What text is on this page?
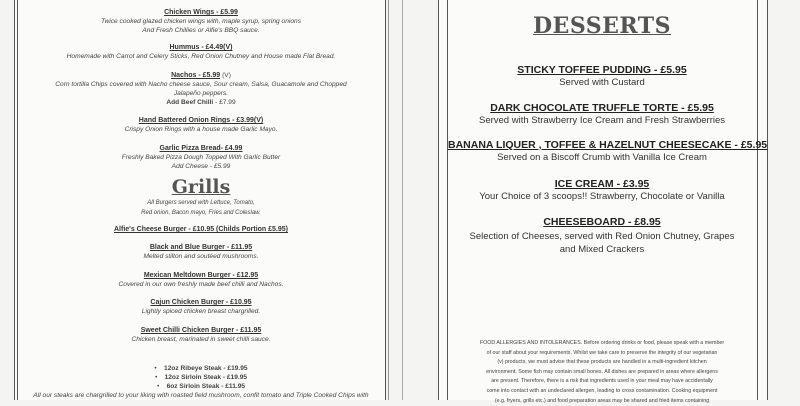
Chicken Wings - £5.99
Twice cooked glazed chicken wings with, maple syrup, spring onions
And Fresh Chillies or Alfie's BBQ sauce.
Hummus - £4.49(V)
Homemade with Carrot and Celery Sticks, Red Onion Chutney and House made Flat Bread.
Nachos - £5.99 (V)
Corn tortilla Chips covered with Nacho cheese sauce, Sour cream, Salsa, Guacamole and Chopped
Jalapeño peppers.
Add Beef Chilli - £7.99
Hand Battered Onion Rings - £3.99(V)
Crispy Onion Rings with a house made Garlic Mayo.
Garlic Pizza Bread- £4.99
Freshly Baked Pizza Dough Topped With Garlic Butter
Add Cheese - £5.99
Grills
All Burgers served with Lettuce, Tomato,
Red onion, Bacon mayo, Fries and Coleslaw.
Alfie's Cheese Burger - £10.95 (Childs Portion £5.95)
Black and Blue Burger - £11.95
Melted stilton and soutéed mushrooms.
Mexican Meltdown Burger - £12.95
Covered in our own freshly made beef chilli and Nachos.
Cajun Chicken Burger - £10.95
Lightly spiced chicken breast chargrilled.
Sweet Chilli Chicken Burger - £11.95
Chicken breast, marinated in sweet chilli sauce.
•    12oz Ribeye Steak - £19.95
•    12oz Sirloin Steak - £19.95
•    6oz Sirloin Steak - £11.95
All our steaks are chargrilled to your liking with roasted field mushroom, confit tomato and Triple Cooked Chips with
DESSERTS
STICKY TOFFEE PUDDING - £5.95
Served with Custard
DARK CHOCOLATE TRUFFLE TORTE - £5.95
Served with Strawberry Ice Cream and Fresh Strawberries
BANANA LIQUER , TOFFEE & HAZELNUT CHEESECAKE - £5.95
Served on a Biscoff Crumb with Vanilla Ice Cream
ICE CREAM - £3.95
Your Choice of 3 scoops!! Strawberry, Chocolate or Vanilla
CHEESEBOARD - £8.95
Selection of Cheeses, served with Red Onion Chutney, Grapes
and Mixed Crackers
FOOD ALLERGIES AND INTOLERANCES. Before ordering drinks or food, please speak with a member
of our staff about your requirements. Whilst we take care to preserve the integrity of our vegetarian
(v) products, we must advise that these products are handled in a multi-ingredient kitchen
environment. Some fish may contain small bones. All dishes are prepared in areas where allergens
are present. Therefore, there is a risk that ingredients used in your meal may have accidentally
come into contact with an undeclared allergen, leading to cross contamination. Cooking equipment
(e.g. fryers, grills etc.) and food preparation areas may be shared and fried items containing
